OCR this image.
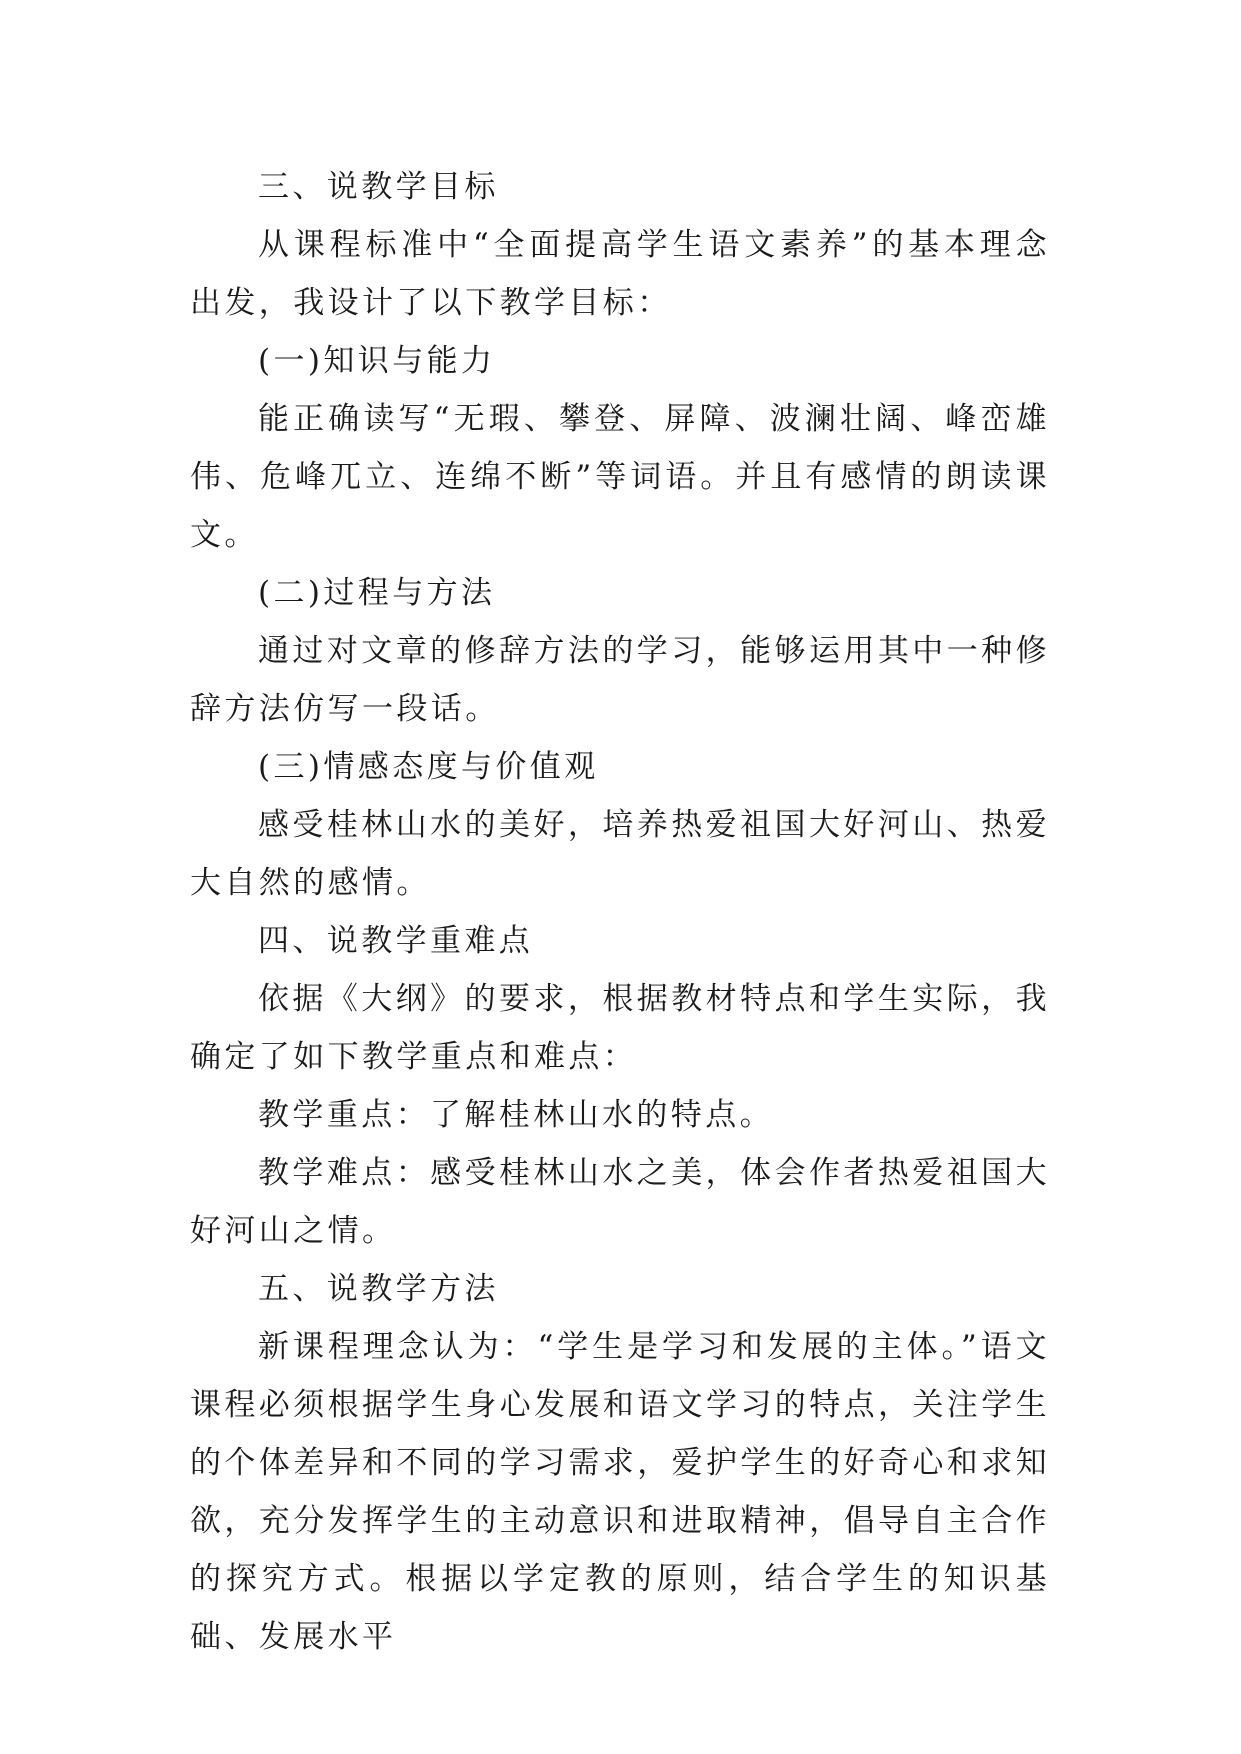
三、说教学目标

从课程标准中“全面提高学生语文素养”的基本理念出发，我设计了以下教学目标：

(一)知识与能力

能正确读写“无瑕、攀登、屏障、波澜壮阔、峰峦雄伟、危峰兀立、连绵不断”等词语。并且有感情的朗读课文。

(二)过程与方法

通过对文章的修辞方法的学习，能够运用其中一种修辞方法仿写一段话。

(三)情感态度与价值观

感受桂林山水的美好，培养热爱祖国大好河山、热爱大自然的感情。

四、说教学重难点

依据《大纲》的要求，根据教材特点和学生实际，我确定了如下教学重点和难点：

教学重点：了解桂林山水的特点。

教学难点：感受桂林山水之美，体会作者热爱祖国大好河山之情。

五、说教学方法

新课程理念认为：“学生是学习和发展的主体。”语文课程必须根据学生身心发展和语文学习的特点，关注学生的个体差异和不同的学习需求，爱护学生的好奇心和求知欲，充分发挥学生的主动意识和进取精神，倡导自主合作的探究方式。根据以学定教的原则，结合学生的知识基础、发展水平
